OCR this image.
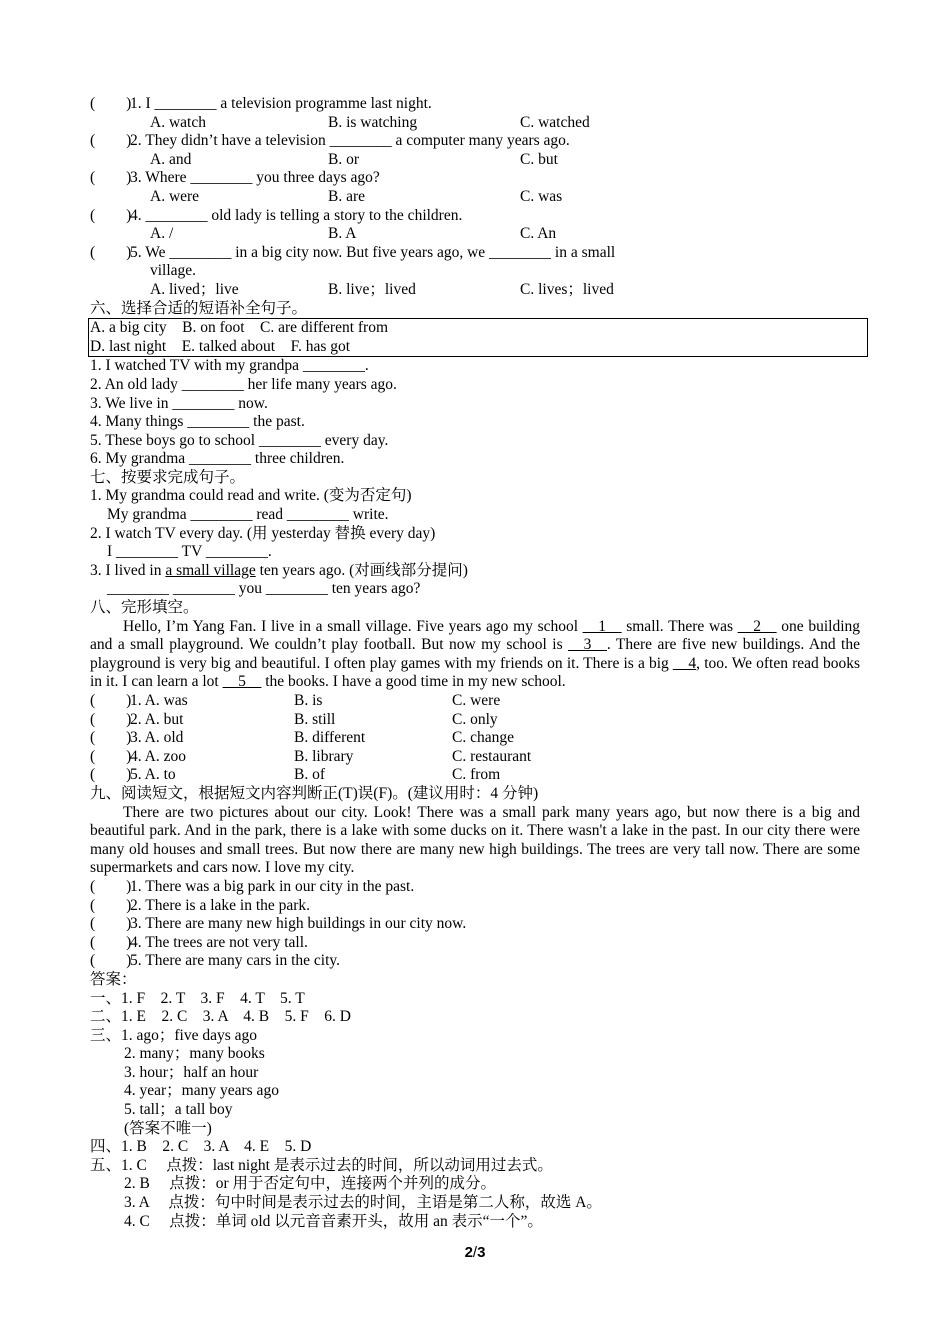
(　　)
1. I ________ a television programme last night.
A. watch	B. is watching	C. watched
(　　)
2. They didn’t have a television ________ a computer many years ago.
A. and	B. or	C. but
(　　)
3. Where ________ you three days ago?
A. were	B. are	C. was
(　　)
4. ________ old lady is telling a story to the children.
A. /	B. A	C. An
(　　)
5. We ________ in a big city now. But five years ago, we ________ in a small
village.
A. lived；live	B. live；lived	C. lives；lived
六、选择合适的短语补全句子。
A. a big city　B. on foot　C. are different from
D. last night　E. talked about　F. has got
1. I watched TV with my grandpa ________.
2. An old lady ________ her life many years ago.
3. We live in ________ now.
4. Many things ________ the past.
5. These boys go to school ________ every day.
6. My grandma ________ three children.
七、按要求完成句子。
1. My grandma could read and write. (变为否定句)
My grandma ________ read ________ write.
2. I watch TV every day. (用 yesterday 替换 every day)
I ________ TV ________.
3. I lived in a small village ten years ago. (对画线部分提问)
________ ________ you ________ ten years ago?
八、完形填空。
Hello, I’m Yang Fan. I live in a small village. Five years ago my school __1__ small. There was __2__ one building and a small playground. We couldn’t play football. But now my school is __3__. There are five new buildings. And the playground is very big and beautiful. I often play games with my friends on it. There is a big __4, too. We often read books in it. I can learn a lot __5__ the books. I have a good time in my new school.
(　　)
1. A. was	B. is	C. were
(　　)
2. A. but	B. still	C. only
(　　)
3. A. old	B. different	C. change
(　　)
4. A. zoo	B. library	C. restaurant
(　　)
5. A. to	B. of	C. from
九、阅读短文，根据短文内容判断正(T)误(F)。(建议用时：4 分钟)
There are two pictures about our city. Look! There was a small park many years ago, but now there is a big and beautiful park. And in the park, there is a lake with some ducks on it. There wasn't a lake in the past. In our city there were many old houses and small trees. But now there are many new high buildings. The trees are very tall now. There are some supermarkets and cars now. I love my city.
(　　)
1. There was a big park in our city in the past.
(　　)
2. There is a lake in the park.
(　　)
3. There are many new high buildings in our city now.
(　　)
4. The trees are not very tall.
(　　)
5. There are many cars in the city.
答案：
一、1. F　2. T　3. F　4. T　5. T
二、1. E　2. C　3. A　4. B　5. F　6. D
三、1. ago；five days ago
2. many；many books
3. hour；half an hour
4. year；many years ago
5. tall；a tall boy
(答案不唯一)
四、1. B　2. C　3. A　4. E　5. D
五、1. C　 点拨：last night 是表示过去的时间，所以动词用过去式。
2. B　 点拨：or 用于否定句中，连接两个并列的成分。
3. A　 点拨：句中时间是表示过去的时间，主语是第二人称，故选 A。
4. C　 点拨：单词 old 以元音音素开头，故用 an 表示“一个”。
2/3
